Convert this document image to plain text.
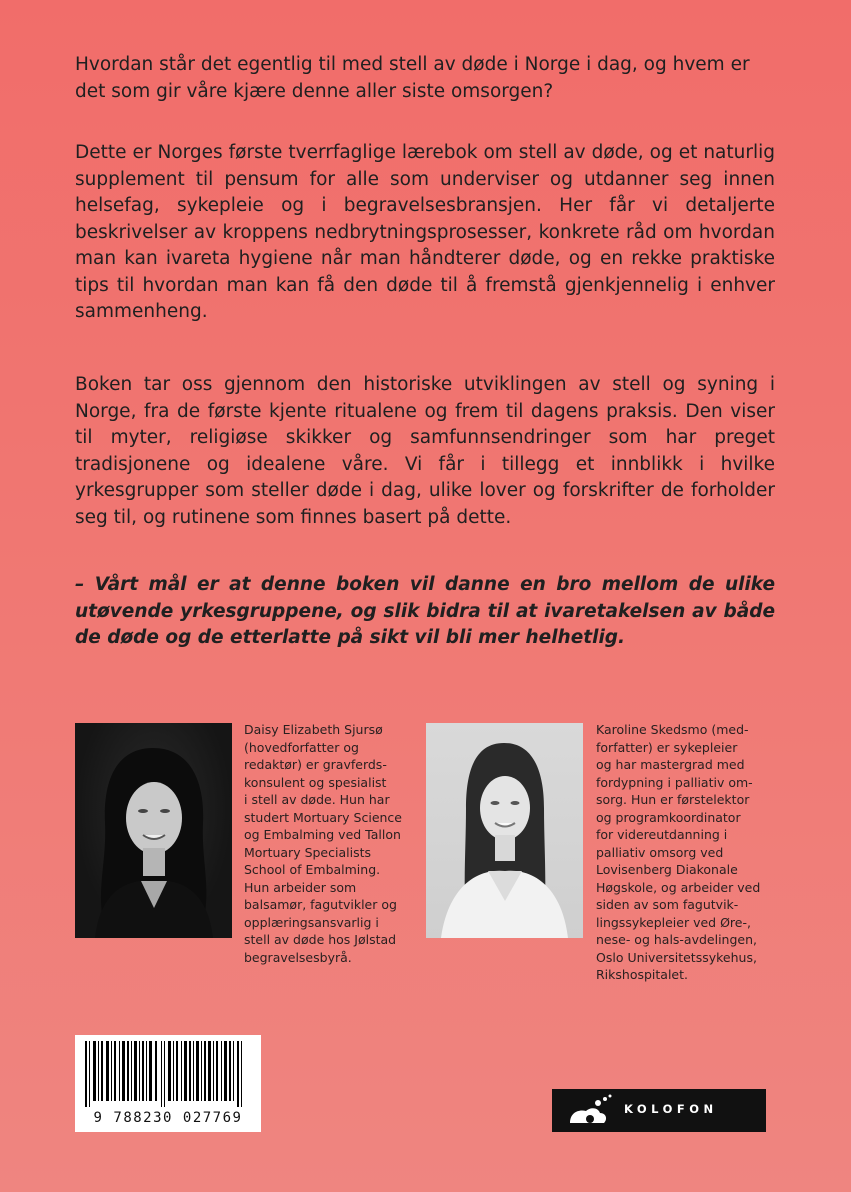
Hvordan står det egentlig til med stell av døde i Norge i dag, og hvem er det som gir våre kjære denne aller siste omsorgen?

Dette er Norges første tverrfaglige lærebok om stell av døde, og et naturlig supplement til pensum for alle som underviser og utdanner seg innen helsefag, sykepleie og i begravelsesbransjen. Her får vi detaljerte beskrivelser av kroppens nedbrytningsprosesser, konkrete råd om hvordan man kan ivareta hygiene når man håndterer døde, og en rekke praktiske tips til hvordan man kan få den døde til å fremstå gjenkjennelig i enhver sammenheng.

Boken tar oss gjennom den historiske utviklingen av stell og syning i Norge, fra de første kjente ritualene og frem til dagens praksis. Den viser til myter, religiøse skikker og samfunnsendringer som har preget tradisjonene og idealene våre. Vi får i tillegg et innblikk i hvilke yrkesgrupper som steller døde i dag, ulike lover og forskrifter de forholder seg til, og rutinene som finnes basert på dette.

– Vårt mål er at denne boken vil danne en bro mellom de ulike utøvende yrkesgruppene, og slik bidra til at ivaretakelsen av både de døde og de etterlatte på sikt vil bli mer helhetlig.

Daisy Elizabeth Sjursø
(hovedforfatter og
redaktør) er gravferds-
konsulent og spesialist
i stell av døde. Hun har
studert Mortuary Science
og Embalming ved Tallon
Mortuary Specialists
School of Embalming.
Hun arbeider som
balsamør, fagutvikler og
opplæringsansvarlig i
stell av døde hos Jølstad
begravelsesbyrå.

Karoline Skedsmo (med-
forfatter) er sykepleier
og har mastergrad med
fordypning i palliativ om-
sorg. Hun er førstelektor
og programkoordinator
for videreutdanning i
palliativ omsorg ved
Lovisenberg Diakonale
Høgskole, og arbeider ved
siden av som fagutvik-
lingssykepleier ved Øre-,
nese- og hals-avdelingen,
Oslo Universitetssykehus,
Rikshospitalet.

9 788230 027769
KOLOFON
